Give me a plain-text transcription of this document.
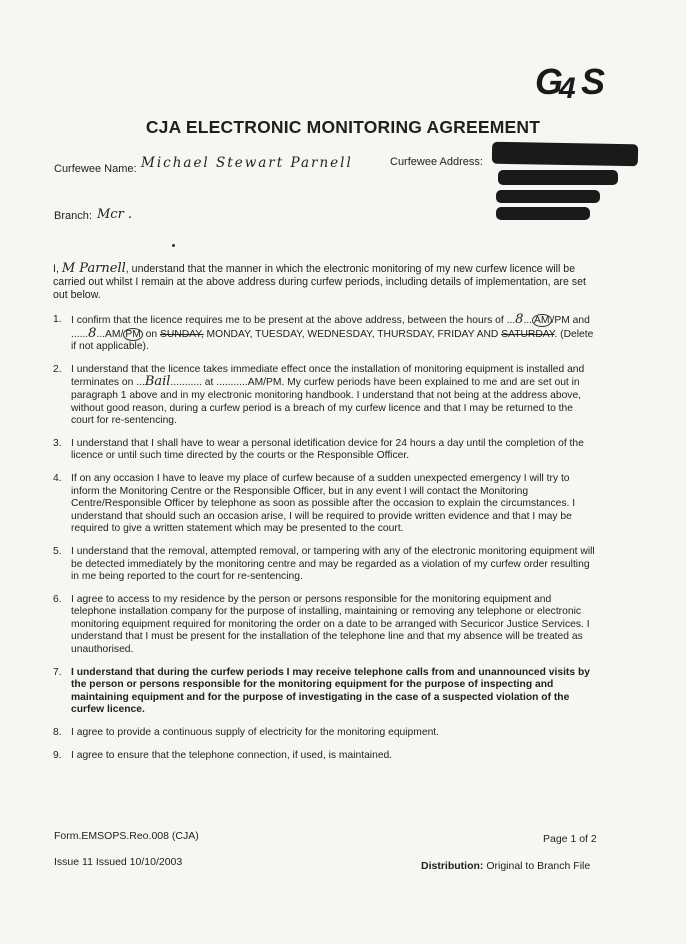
G
4 S
CJA ELECTRONIC MONITORING AGREEMENT
Curfewee Name: Michael Stewart Parnell	Curfewee Address:
Branch: Mcr .
I, M Parnell, understand that the manner in which the electronic monitoring of my new curfew licence will be carried out whilst I remain at the above address during curfew periods, including details of implementation, are set out below.
1. I confirm that the licence requires me to be present at the above address, between the hours of ...8... AM /PM and ......8...AM/ PM on SUNDAY, MONDAY, TUESDAY, WEDNESDAY, THURSDAY, FRIDAY AND SATURDAY. (Delete if not applicable).
2. I understand that the licence takes immediate effect once the installation of monitoring equipment is installed and terminates on ...Bail........... at ...........AM/PM. My curfew periods have been explained to me and are set out in paragraph 1 above and in my electronic monitoring handbook. I understand that not being at the address above, without good reason, during a curfew period is a breach of my curfew licence and that I may be returned to the court for re-sentencing.
3. I understand that I shall have to wear a personal idetification device for 24 hours a day until the completion of the licence or until such time directed by the courts or the Responsible Officer.
4. If on any occasion I have to leave my place of curfew because of a sudden unexpected emergency I will try to inform the Monitoring Centre or the Responsible Officer, but in any event I will contact the Monitoring Centre/Responsible Officer by telephone as soon as possible after the occasion to explain the circumstances. I understand that should such an occasion arise, I will be required to provide written evidence and that I may be required to give a written statement which may be presented to the court.
5. I understand that the removal, attempted removal, or tampering with any of the electronic monitoring equipment will be detected immediately by the monitoring centre and may be regarded as a violation of my curfew order resulting in me being reported to the court for re-sentencing.
6. I agree to access to my residence by the person or persons responsible for the monitoring equipment and telephone installation company for the purpose of installing, maintaining or removing any telephone or electronic monitoring equipment required for monitoring the order on a date to be arranged with Securicor Justice Services. I understand that I must be present for the installation of the telephone line and that my absence will be treated as unauthorised.
7. I understand that during the curfew periods I may receive telephone calls from and unannounced visits by the person or persons responsible for the monitoring equipment for the purpose of inspecting and maintaining equipment and for the purpose of investigating in the case of a suspected violation of the curfew licence.
8. I agree to provide a continuous supply of electricity for the monitoring equipment.
9. I agree to ensure that the telephone connection, if used, is maintained.
Form.EMSOPS.Reo.008 (CJA)	Page 1 of 2
Issue 11 Issued 10/10/2003	Distribution: Original to Branch File
